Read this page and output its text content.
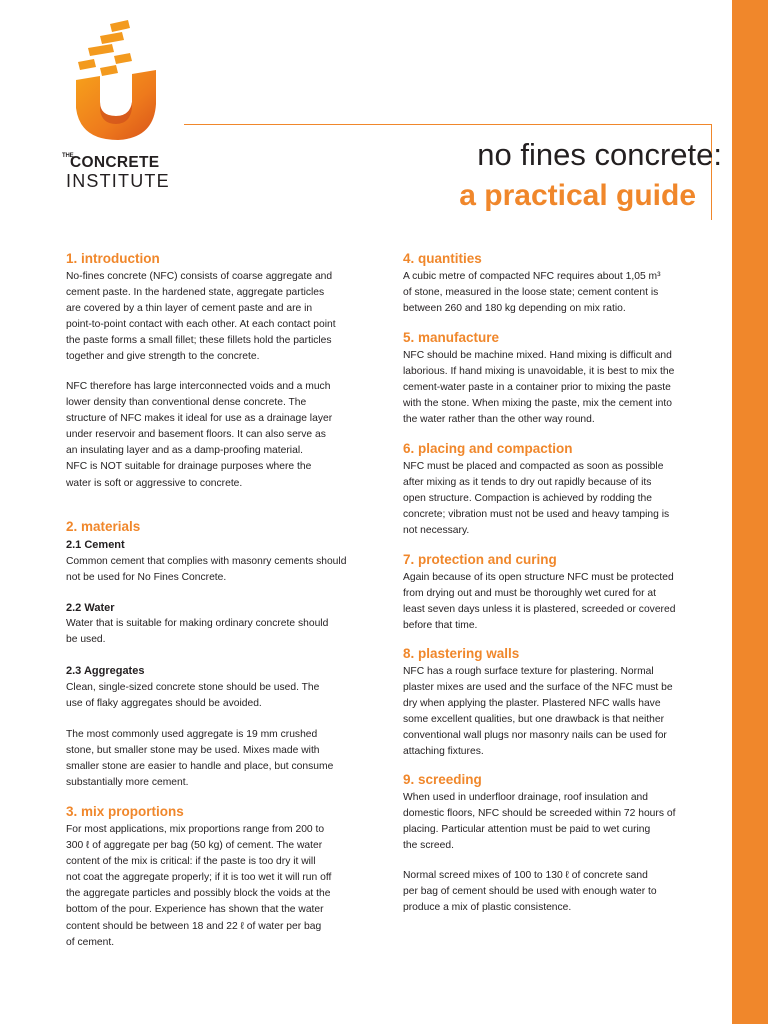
THE
CONCRETE
INSTITUTE
no fines concrete:
a practical guide
1. introduction

No-fines concrete (NFC) consists of coarse aggregate and
cement paste. In the hardened state, aggregate particles
are covered by a thin layer of cement paste and are in
point-to-point contact with each other. At each contact point
the paste forms a small fillet; these fillets hold the particles
together and give strength to the concrete.

NFC therefore has large interconnected voids and a much
lower density than conventional dense concrete. The
structure of NFC makes it ideal for use as a drainage layer
under reservoir and basement floors. It can also serve as
an insulating layer and as a damp-proofing material.
NFC is NOT suitable for drainage purposes where the
water is soft or aggressive to concrete.

2. materials
2.1 Cement

Common cement that complies with masonry cements should
not be used for No Fines Concrete.

2.2 Water

Water that is suitable for making ordinary concrete should
be used.

2.3 Aggregates

Clean, single-sized concrete stone should be used. The
use of flaky aggregates should be avoided.

The most commonly used aggregate is 19 mm crushed
stone, but smaller stone may be used. Mixes made with
smaller stone are easier to handle and place, but consume
substantially more cement.

3. mix proportions

For most applications, mix proportions range from 200 to
300 ℓ of aggregate per bag (50 kg) of cement. The water
content of the mix is critical: if the paste is too dry it will
not coat the aggregate properly; if it is too wet it will run off
the aggregate particles and possibly block the voids at the
bottom of the pour. Experience has shown that the water
content should be between 18 and 22 ℓ of water per bag
of cement.

4. quantities

A cubic metre of compacted NFC requires about 1,05 m³
of stone, measured in the loose state; cement content is
between 260 and 180 kg depending on mix ratio.

5. manufacture

NFC should be machine mixed. Hand mixing is difficult and
laborious. If hand mixing is unavoidable, it is best to mix the
cement-water paste in a container prior to mixing the paste
with the stone. When mixing the paste, mix the cement into
the water rather than the other way round.

6. placing and compaction

NFC must be placed and compacted as soon as possible
after mixing as it tends to dry out rapidly because of its
open structure. Compaction is achieved by rodding the
concrete; vibration must not be used and heavy tamping is
not necessary.

7. protection and curing

Again because of its open structure NFC must be protected
from drying out and must be thoroughly wet cured for at
least seven days unless it is plastered, screeded or covered
before that time.

8. plastering walls

NFC has a rough surface texture for plastering. Normal
plaster mixes are used and the surface of the NFC must be
dry when applying the plaster. Plastered NFC walls have
some excellent qualities, but one drawback is that neither
conventional wall plugs nor masonry nails can be used for
attaching fixtures.

9. screeding

When used in underfloor drainage, roof insulation and
domestic floors, NFC should be screeded within 72 hours of
placing. Particular attention must be paid to wet curing
the screed.

Normal screed mixes of 100 to 130 ℓ of concrete sand
per bag of cement should be used with enough water to
produce a mix of plastic consistence.
